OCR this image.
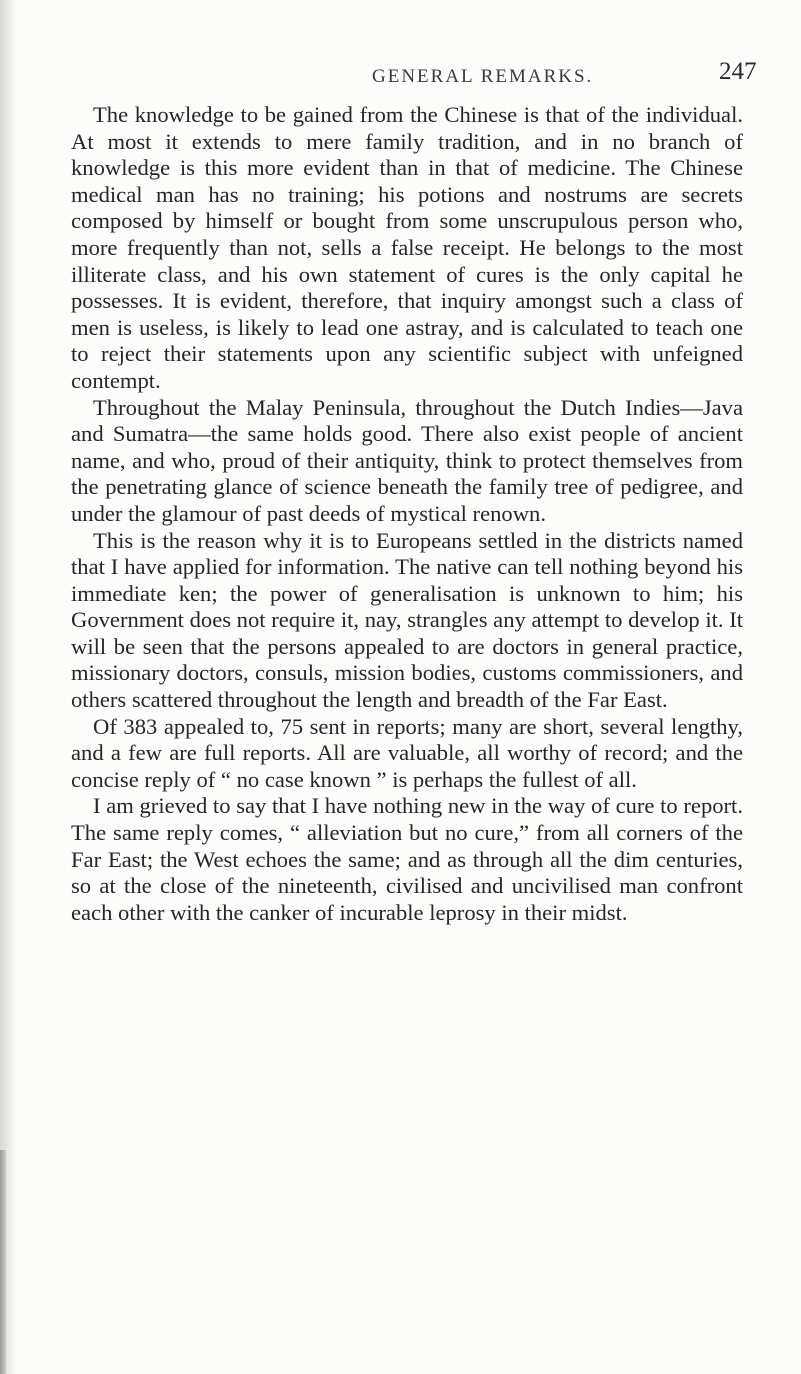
GENERAL REMARKS.	247

The knowledge to be gained from the Chinese is that of the individual. At most it extends to mere family tradition, and in no branch of knowledge is this more evident than in that of medicine. The Chinese medical man has no training; his potions and nostrums are secrets composed by himself or bought from some unscrupulous person who, more frequently than not, sells a false receipt. He belongs to the most illiterate class, and his own statement of cures is the only capital he possesses. It is evident, therefore, that inquiry amongst such a class of men is useless, is likely to lead one astray, and is calculated to teach one to reject their statements upon any scientific subject with unfeigned contempt.

Throughout the Malay Peninsula, throughout the Dutch Indies—Java and Sumatra—the same holds good. There also exist people of ancient name, and who, proud of their antiquity, think to protect themselves from the penetrating glance of science beneath the family tree of pedigree, and under the glamour of past deeds of mystical renown.

This is the reason why it is to Europeans settled in the districts named that I have applied for information. The native can tell nothing beyond his immediate ken; the power of generalisation is unknown to him; his Government does not require it, nay, strangles any attempt to develop it. It will be seen that the persons appealed to are doctors in general practice, missionary doctors, consuls, mission bodies, customs commissioners, and others scattered throughout the length and breadth of the Far East.

Of 383 appealed to, 75 sent in reports; many are short, several lengthy, and a few are full reports. All are valuable, all worthy of record; and the concise reply of “ no case known ” is perhaps the fullest of all.

I am grieved to say that I have nothing new in the way of cure to report. The same reply comes, “ alleviation but no cure,” from all corners of the Far East; the West echoes the same; and as through all the dim centuries, so at the close of the nineteenth, civilised and uncivilised man confront each other with the canker of incurable leprosy in their midst.
